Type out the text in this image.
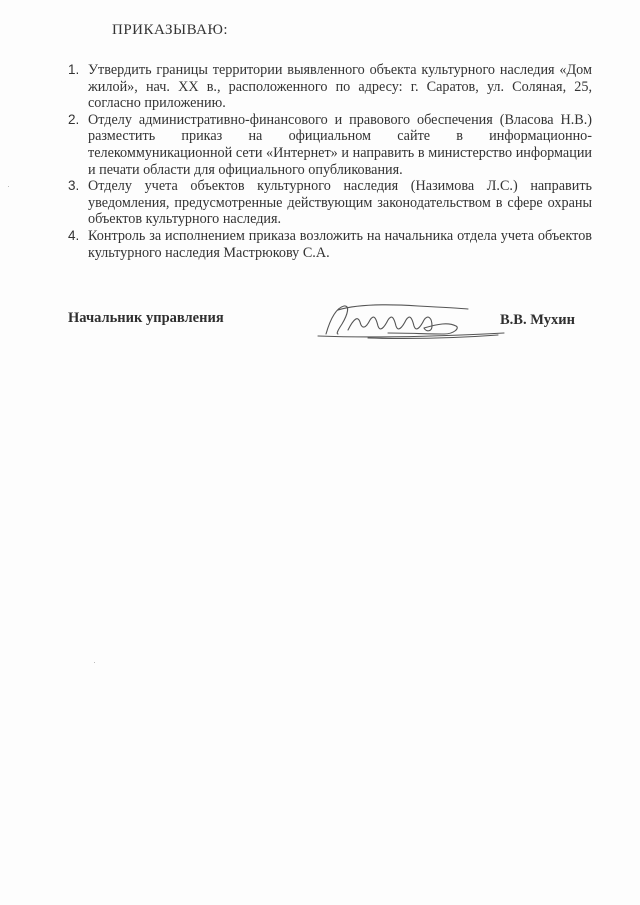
ПРИКАЗЫВАЮ:
1. Утвердить границы территории выявленного объекта культурного наследия «Дом жилой», нач. XX в., расположенного по адресу: г. Саратов, ул. Соляная, 25, согласно приложению.
2. Отделу административно-финансового и правового обеспечения (Власова Н.В.) разместить приказ на официальном сайте в информационно-телекоммуникационной сети «Интернет» и направить в министерство информации и печати области для официального опубликования.
3. Отделу учета объектов культурного наследия (Назимова Л.С.) направить уведомления, предусмотренные действующим законодательством в сфере охраны объектов культурного наследия.
4. Контроль за исполнением приказа возложить на начальника отдела учета объектов культурного наследия Мастрюкову С.А.
Начальник управления	В.В. Мухин
